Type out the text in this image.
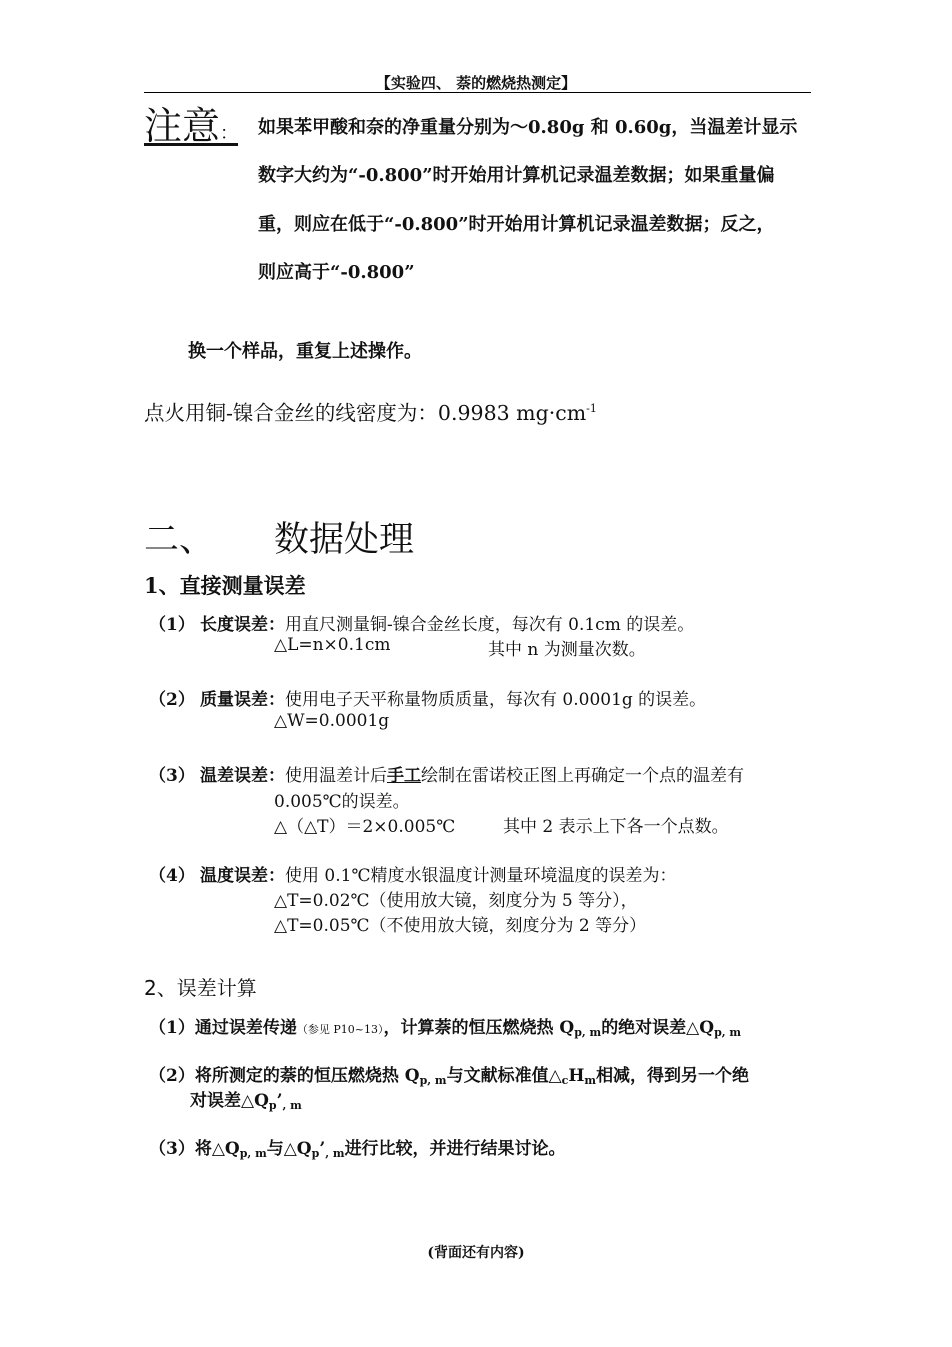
【实验四、 萘的燃烧热测定】
注意： 如果苯甲酸和奈的净重量分别为～0.80g 和 0.60g，当温差计显示
数字大约为“-0.800”时开始用计算机记录温差数据；如果重量偏
重，则应在低于“-0.800”时开始用计算机记录温差数据；反之，
则应高于“-0.800”
换一个样品，重复上述操作。
点火用铜-镍合金丝的线密度为：0.9983 $mg\cdot cm^{-1}$
二、 数据处理
1、直接测量误差
（1） 长度误差：用直尺测量铜-镍合金丝长度，每次有 0.1cm 的误差。
△L=n×0.1cm	其中 n 为测量次数。
（2） 质量误差：使用电子天平称量物质质量，每次有 0.0001g 的误差。
△W=0.0001g
（3） 温差误差：使用温差计后手工绘制在雷诺校正图上再确定一个点的温差有
0.005℃的误差。
△（△T）＝2×0.005℃	其中 2 表示上下各一个点数。
（4） 温度误差：使用 0.1℃精度水银温度计测量环境温度的误差为：
△T=0.02℃（使用放大镜，刻度分为 5 等分），
△T=0.05℃（不使用放大镜，刻度分为 2 等分）
2、误差计算
（1）通过误差传递（参见 P10~13），计算萘的恒压燃烧热 $Q_{p, m}$的绝对误差$\triangle Q_{p, m}$
（2）将所测定的萘的恒压燃烧热 $Q_{p, m}$与文献标准值$\triangle_cH_m$相减，得到另一个绝
对误差$\triangle Q_p’_{, m}$
（3）将$\triangle Q_{p, m}$与$\triangle Q_p’_{, m}$进行比较，并进行结果讨论。
(背面还有内容)
